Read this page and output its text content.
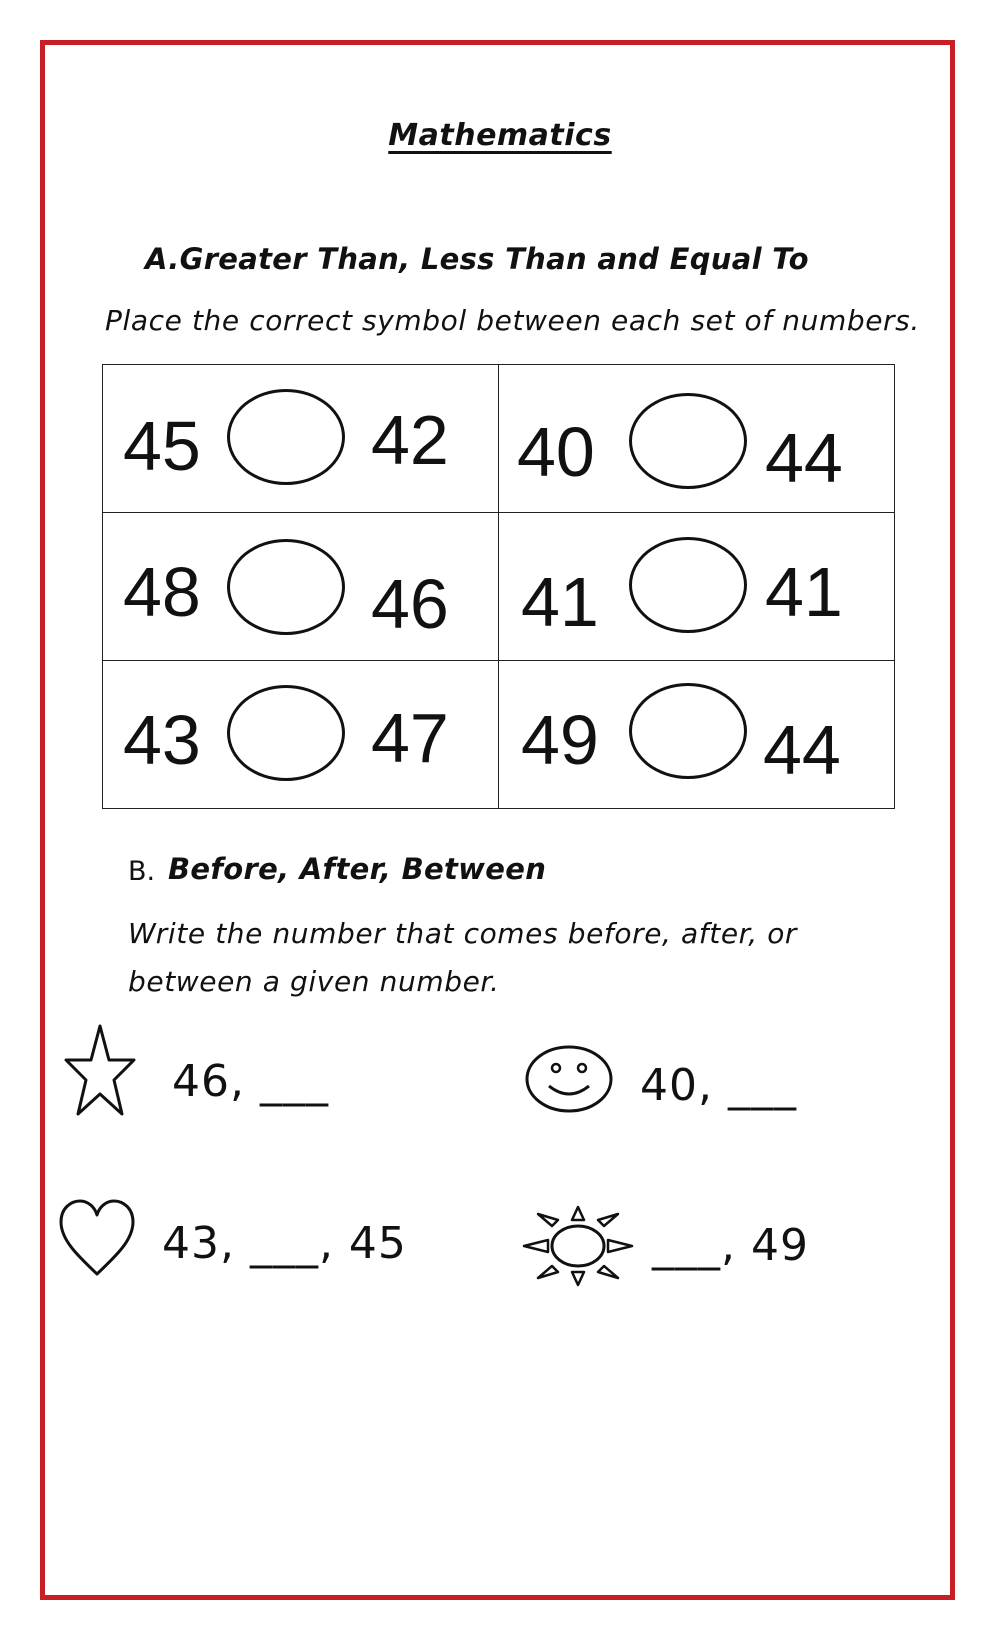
Mathematics
A.Greater Than, Less Than and Equal To
Place the correct symbol between each set of numbers.
45 42	40 44

48 46	41 41

43 47	49 44
B. Before, After, Between
Write the number that comes before, after, or
between a given number.
46, ___	40, ___
43, ___, 45	___, 49
